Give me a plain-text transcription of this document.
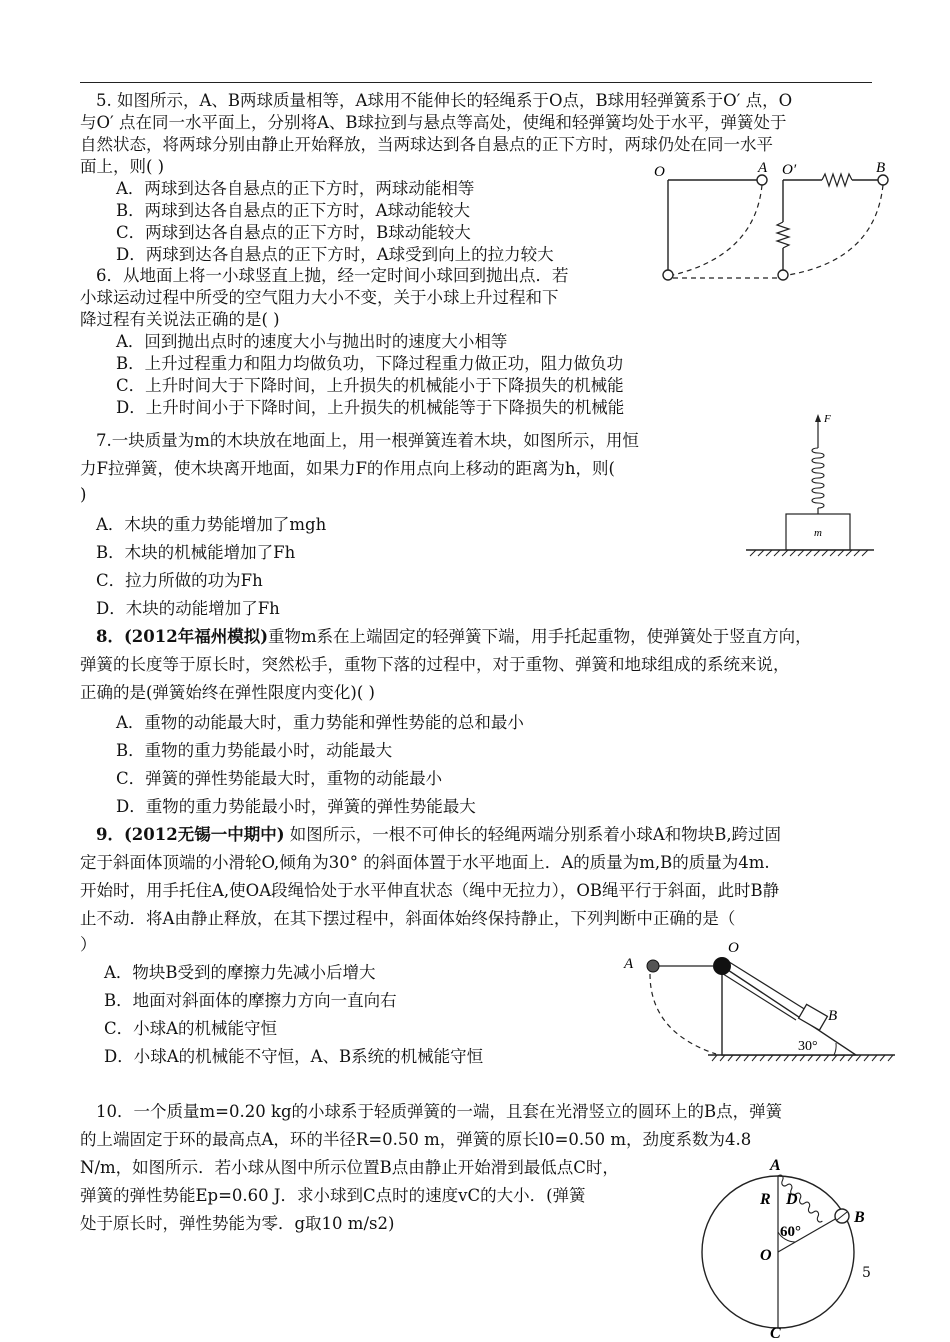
5. 如图所示，A、B两球质量相等，A球用不能伸长的轻绳系于O点，B球用轻弹簧系于O′ 点，O
与O′ 点在同一水平面上，分别将A、B球拉到与悬点等高处，使绳和轻弹簧均处于水平，弹簧处于
自然状态，将两球分别由静止开始释放，当两球达到各自悬点的正下方时，两球仍处在同一水平
面上，则( )
A．两球到达各自悬点的正下方时，两球动能相等
B．两球到达各自悬点的正下方时，A球动能较大
C．两球到达各自悬点的正下方时，B球动能较大
D．两球到达各自悬点的正下方时，A球受到向上的拉力较大
O	A O′	B
6．从地面上将一小球竖直上抛，经一定时间小球回到抛出点．若
小球运动过程中所受的空气阻力大小不变，关于小球上升过程和下
降过程有关说法正确的是( )
A．回到抛出点时的速度大小与抛出时的速度大小相等
B．上升过程重力和阻力均做负功，下降过程重力做正功，阻力做负功
C．上升时间大于下降时间，上升损失的机械能小于下降损失的机械能
D．上升时间小于下降时间，上升损失的机械能等于下降损失的机械能
7.一块质量为m的木块放在地面上，用一根弹簧连着木块，如图所示，用恒
力F拉弹簧，使木块离开地面，如果力F的作用点向上移动的距离为h，则(
)
A．木块的重力势能增加了mgh
B．木块的机械能增加了Fh
C．拉力所做的功为Fh
D．木块的动能增加了Fh
F
m
8．(2012年福州模拟)重物m系在上端固定的轻弹簧下端，用手托起重物，使弹簧处于竖直方向，
弹簧的长度等于原长时，突然松手，重物下落的过程中，对于重物、弹簧和地球组成的系统来说，
正确的是(弹簧始终在弹性限度内变化)( )
A．重物的动能最大时，重力势能和弹性势能的总和最小
B．重物的重力势能最小时，动能最大
C．弹簧的弹性势能最大时，重物的动能最小
D．重物的重力势能最小时，弹簧的弹性势能最大
9．(2012无锡一中期中) 如图所示，一根不可伸长的轻绳两端分别系着小球A和物块B,跨过固
定于斜面体顶端的小滑轮O,倾角为30° 的斜面体置于水平地面上．A的质量为m,B的质量为4m.
开始时，用手托住A,使OA段绳恰处于水平伸直状态（绳中无拉力），OB绳平行于斜面，此时B静
止不动．将A由静止释放，在其下摆过程中，斜面体始终保持静止，下列判断中正确的是（
）
A．物块B受到的摩擦力先减小后增大
B．地面对斜面体的摩擦力方向一直向右
C．小球A的机械能守恒
D．小球A的机械能不守恒，A、B系统的机械能守恒
A
O
B
30°
10．一个质量m=0.20 kg的小球系于轻质弹簧的一端，且套在光滑竖立的圆环上的B点，弹簧
的上端固定于环的最高点A，环的半径R=0.50 m，弹簧的原长l0=0.50 m，劲度系数为4.8
N/m，如图所示．若小球从图中所示位置B点由静止开始滑到最低点C时，
弹簧的弹性势能Ep=0.60 J．求小球到C点时的速度vC的大小．(弹簧
处于原长时，弹性势能为零．g取10 m/s2)
A
R D
B
60°
O
C
5
